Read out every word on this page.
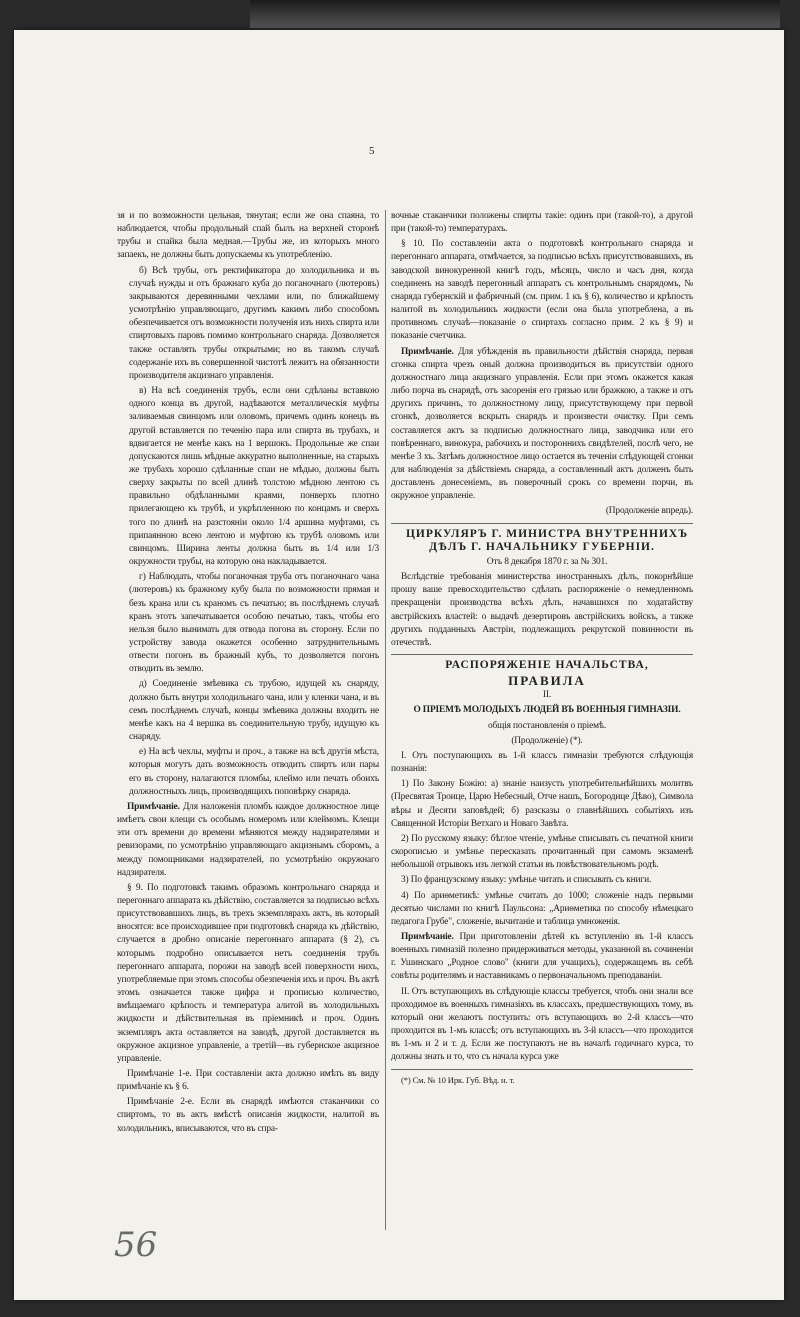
5

зя и по возможности цельная, тянутая; если же она спаяна, то наблюдается, чтобы продольный спай былъ на верхней сторонѣ трубы и спайка была медная.—Трубы же, из которыхъ много запаекъ, не должны быть допускаемы къ употребленію.

б) Всѣ трубы, отъ ректификатора до холодильника и въ случаѣ нужды и отъ бражнаго куба до поганочнаго (лютеровъ) закрываются деревянными чехлами или, по ближайшему усмотрѣнію управляющаго, другимъ какимъ либо способомъ обезпечивается отъ возможности полученія изъ нихъ спирта или спиртовыхъ паровъ помимо контрольнаго снаряда. Дозволяется также оставлять трубы открытыми; но въ такомъ случаѣ содержаніе ихъ въ совершенной чистотѣ лежитъ на обязанности производителя акцизнаго управленія.

в) На всѣ соединенія трубъ, если они сдѣланы вставкою одного конца въ другой, надѣваются металлическія муфты заливаемыя свинцомъ или оловомъ, причемъ одинъ конецъ въ другой вставляется по теченію пара или спирта въ трубахъ, и вдвигается не менѣе какъ на 1 вершокъ. Продольные же спаи допускаются лишь мѣдные аккуратно выполненные, на старыхъ же трубахъ хорошо сдѣланные спаи не мѣдью, должны быть сверху закрыты по всей длинѣ толстою мѣдною лентою съ правильно обдѣланными краями, понверхъ плотно прилегающею къ трубѣ, и укрѣпленною по концамъ и сверхъ того по длинѣ на разстояніи около 1/4 аршина муфтами, съ припаянною всею лентою и муфтою къ трубѣ оловомъ или свинцомъ. Ширина ленты должна быть въ 1/4 или 1/3 окружности трубы, на которую она накладывается.

г) Наблюдать, чтобы поганочная труба отъ поганочнаго чана (лютеровъ) къ бражному кубу была по возможности прямая и безъ крана или съ краномъ съ печатью; въ послѣднемъ случаѣ кранъ этотъ запечатывается особою печатью, такъ, чтобы его нельзя было вынимать для отвода погона въ сторону. Если по устройству завода окажется особенно затруднительнымъ отвести погонъ въ бражный кубъ, то дозволяется погонъ отводить въ землю.

д) Соединеніе змѣевика съ трубою, идущей къ снаряду, должно быть внутри холодильнаго чана, или у кленки чана, и въ семъ послѣднемъ случаѣ, концы змѣевика должны входить не менѣе какъ на 4 вершка въ соединительную трубу, идущую къ снаряду.

е) На всѣ чехлы, муфты и проч., а также на всѣ другія мѣста, которыя могутъ дать возможность отводить спиртъ или пары его въ сторону, налагаются пломбы, клеймо или печать обоихъ должностныхъ лицъ, производящихъ поповѣрку снаряда.

Примѣчаніе. Для наложенія пломбъ каждое должностное лице имѣетъ свои клещи съ особымъ номеромъ или клеймомъ. Клещи эти отъ времени до времени мѣняются между надзирателями и ревизорами, по усмотрѣнію управляющаго акцизнымъ сборомъ, а между помощниками надзирателей, по усмотрѣнію окружнаго надзирателя.

§ 9. По подготовкѣ такимъ образомъ контрольнаго снаряда и перегоннаго аппарата къ дѣйствію, составляется за подписью всѣхъ присутствовавшихъ лицъ, въ трехъ экземплярахъ актъ, въ который вносятся: все происходившее при подготовкѣ снаряда къ дѣйствію, случается в дробно описаніе перегоннаго аппарата (§ 2), съ которымъ подробно описывается нетъ соединенія трубъ перегоннаго аппарата, порожи на заводѣ всей поверхности нихъ, употребляемые при этомъ способы обезпеченія ихъ и проч. Въ актѣ этомъ означается также цифра и прописью количество, вмѣщаемаго крѣпость и температура алитой въ холодильныхъ жидкости и дѣйствительная въ пріемникѣ и проч. Одинъ экземпляръ акта оставляется на заводѣ, другой доставляется въ окружное акцизное управленіе, а третій—въ губернское акцизное управленіе.

Примѣчаніе 1-е. При составленіи акта должно имѣть въ виду примѣчаніе къ § 6.

Примѣчаніе 2-е. Если въ снарядѣ имѣются стаканчики со спиртомъ, то въ актъ вмѣстѣ описанія жидкости, налитой въ холодильникъ, вписываются, что въ спра-

вочные стаканчики положены спирты такіе: одинъ при (такой-то), а другой при (такой-то) температурахъ.

§ 10. По составленіи акта о подготовкѣ контрольнаго снаряда и перегоннаго аппарата, отмѣчается, за подписью всѣхъ присутствовавшихъ, въ заводской винокуренной книгѣ годъ, мѣсяцъ, число и часъ дня, когда соединенъ на заводѣ перегонный аппаратъ съ контрольнымъ снарядомъ, № снаряда губернскій и фабричный (см. прим. 1 къ § 6), количество и крѣпость налитой въ холодильникъ жидкости (если она была употреблена, а въ противномъ случаѣ—показаніе о спиртахъ согласно прим. 2 къ § 9) и показаніе счетчика.

Примѣчаніе. Для убѣжденія въ правильности дѣйствія снаряда, первая сгонка спирта чрезъ оный должна производиться въ присутствіи одного должностнаго лица акцизнаго управленія. Если при этомъ окажется какая либо порча въ снарядѣ, отъ засоренія его грязью или бражкою, а также и отъ другихъ причинъ, то должностному лицу, присутствующему при первой сгонкѣ, дозволяется вскрыть снарядъ и произвести очистку. При семъ составляется актъ за подписью должностнаго лица, заводчика или его повѣреннаго, винокура, рабочихъ и постороннихъ свидѣтелей, послѣ чего, не менѣе 3 хъ. Затѣмъ должностное лицо остается въ теченіи слѣдующей сгонки для наблюденія за дѣйствіемъ снаряда, а составленный актъ долженъ быть доставленъ донесеніемъ, въ поверочный срокъ со времени порчи, въ окружное управленіе.

(Продолженіе впредь).

ЦИРКУЛЯРЪ Г. МИНИСТРА ВНУТРЕННИХЪ ДѢЛЪ Г. НАЧАЛЬНИКУ ГУБЕРНІИ.

Отъ 8 декабря 1870 г. за № 301.

Вслѣдствіе требованія министерства иностранныхъ дѣлъ, покорнѣйше прошу ваше превосходительство сдѣлать распоряженіе о немедленномъ прекращеніи производства всѣхъ дѣлъ, начавшихся по ходатайству австрійскихъ властей: о выдачѣ дезертировъ австрійскихъ войскъ, а также другихъ подданныхъ Австріи, подлежащихъ рекрутской повинности въ отечествѣ.

РАСПОРЯЖЕНІЕ НАЧАЛЬСТВА,

ПРАВИЛА

II.

О ПРІЕМѢ МОЛОДЫХЪ ЛЮДЕЙ ВЪ ВОЕННЫЯ ГИМНАЗІИ.

общія постановленія о пріемѣ.

(Продолженіе) (*).

I. Отъ поступающихъ въ 1-й классъ гимназіи требуются слѣдующія познанія:

1) По Закону Божію: а) знаніе наизусть употребительнѣйшихъ молитвъ (Пресвятая Троице, Царю Небесный, Отче нашъ, Богородице Дѣво), Символа вѣры и Десяти заповѣдей; б) разсказы о главнѣйшихъ событіяхъ изъ Священной Исторіи Ветхаго и Новаго Завѣта.

2) По русскому языку: бѣглое чтеніе, умѣнье списывать съ печатной книги скорописью и умѣнье пересказать прочитанный при самомъ экзаменѣ небольшой отрывокъ изъ легкой статьи въ повѣствовательномъ родѣ.

3) По французскому языку: умѣнье читать и списывать съ книги.

4) По ариѳметикѣ: умѣнье считать до 1000; сложеніе надъ первыми десятью числами по книгѣ Паульсона: „Ариѳметика по способу нѣмецкаго педагога Грубе", сложеніе, вычитаніе и таблица умноженія.

Примѣчаніе. При приготовленіи дѣтей къ вступленію въ 1-й классъ военныхъ гимназій полезно придерживаться методы, указанной въ сочиненіи г. Ушинскаго „Родное слово" (книги для учащихъ), содержащемъ въ себѣ совѣты родителямъ и наставникамъ о первоначальномъ преподаваніи.

II. Отъ вступающихъ въ слѣдующіе классы требуется, чтобъ они знали все проходимое въ военныхъ гимназіяхъ въ классахъ, предшествующихъ тому, въ который они желаютъ поступить: отъ вступающихъ во 2-й классъ—что проходится въ 1-мъ классѣ; отъ вступающихъ въ 3-й классъ—что проходится въ 1-мъ и 2 и т. д. Если же поступаютъ не въ началѣ годичнаго курса, то должны знать и то, что съ начала курса уже

(*) См. № 10 Ирк. Губ. Вѣд. н. т.

56
